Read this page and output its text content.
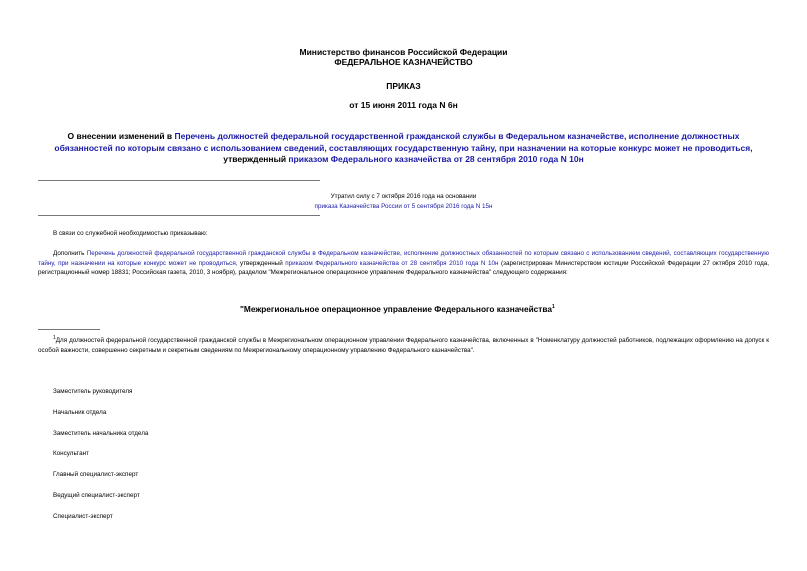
Министерство финансов Российской Федерации
ФЕДЕРАЛЬНОЕ КАЗНАЧЕЙСТВО
ПРИКАЗ
от 15 июня 2011 года N 6н
О внесении изменений в Перечень должностей федеральной государственной гражданской службы в Федеральном казначействе, исполнение должностных обязанностей по которым связано с использованием сведений, составляющих государственную тайну, при назначении на которые конкурс может не проводиться, утвержденный приказом Федерального казначейства от 28 сентября 2010 года N 10н
Утратил силу с 7 октября 2016 года на основании
приказа Казначейства России от 5 сентября 2016 года N 15н
В связи со служебной необходимостью приказываю:
Дополнить Перечень должностей федеральной государственной гражданской службы в Федеральном казначействе, исполнение должностных обязанностей по которым связано с использованием сведений, составляющих государственную тайну, при назначении на которые конкурс может не проводиться, утвержденный приказом Федерального казначейства от 28 сентября 2010 года N 10н (зарегистрирован Министерством юстиции Российской Федерации 27 октября 2010 года, регистрационный номер 18831; Российская газета, 2010, 3 ноября), разделом "Межрегиональное операционное управление Федерального казначейства" следующего содержания:
"Межрегиональное операционное управление Федерального казначейства$^1$
$^1$Для должностей федеральной государственной гражданской службы в Межрегиональном операционном управлении Федерального казначейства, включенных в "Номенклатуру должностей работников, подлежащих оформлению на допуск к особой важности, совершенно секретным и секретным сведениям по Межрегиональному операционному управлению Федерального казначейства".
Заместитель руководителя
Начальник отдела
Заместитель начальника отдела
Консультант
Главный специалист-эксперт
Ведущий специалист-эксперт
Специалист-эксперт
